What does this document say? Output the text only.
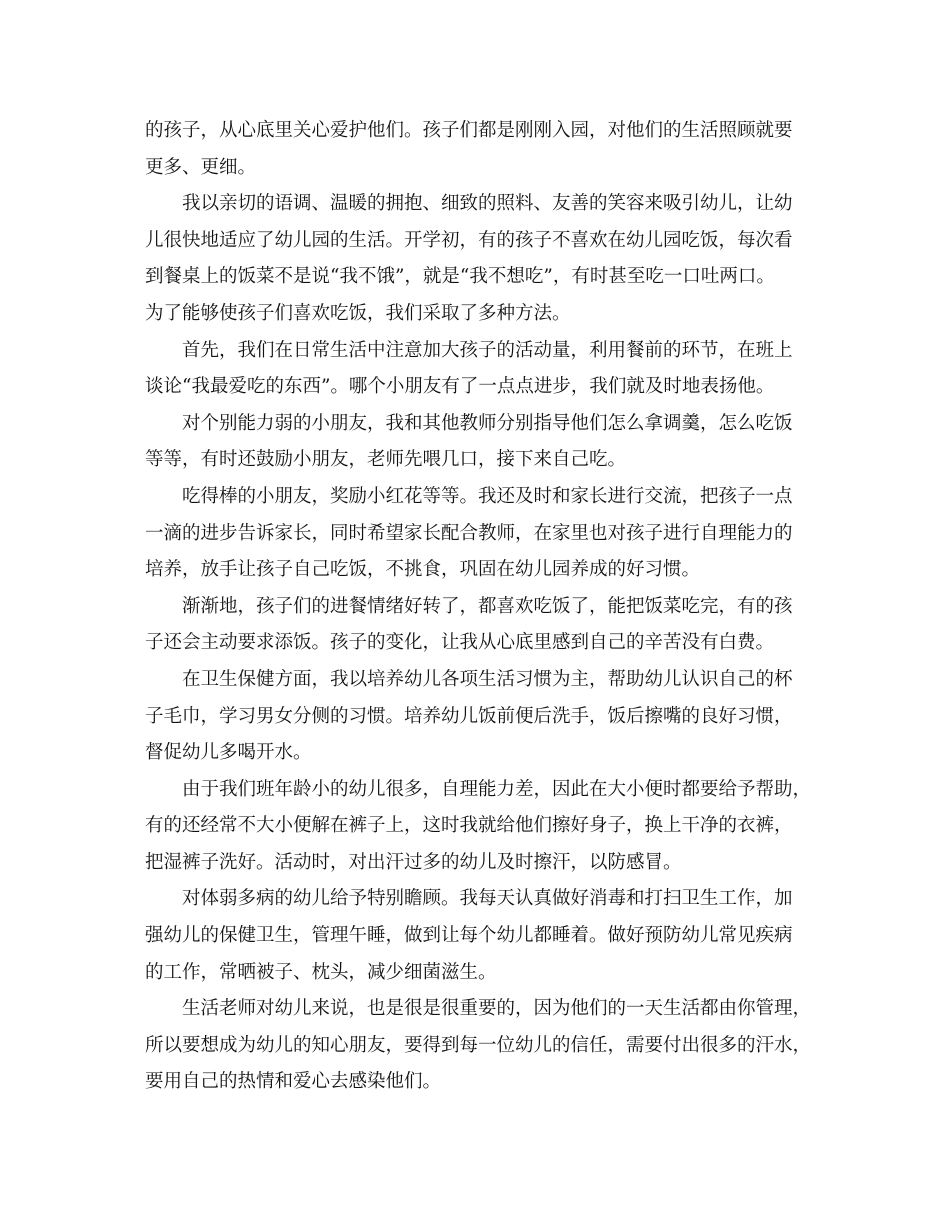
的孩子，从心底里关心爱护他们。孩子们都是刚刚入园，对他们的生活照顾就要
更多、更细。
我以亲切的语调、温暖的拥抱、细致的照料、友善的笑容来吸引幼儿，让幼
儿很快地适应了幼儿园的生活。开学初，有的孩子不喜欢在幼儿园吃饭，每次看
到餐桌上的饭菜不是说“我不饿”，就是“我不想吃”，有时甚至吃一口吐两口。
为了能够使孩子们喜欢吃饭，我们采取了多种方法。
首先，我们在日常生活中注意加大孩子的活动量，利用餐前的环节，在班上
谈论“我最爱吃的东西”。哪个小朋友有了一点点进步，我们就及时地表扬他。
对个别能力弱的小朋友，我和其他教师分别指导他们怎么拿调羹，怎么吃饭
等等，有时还鼓励小朋友，老师先喂几口，接下来自己吃。
吃得棒的小朋友，奖励小红花等等。我还及时和家长进行交流，把孩子一点
一滴的进步告诉家长，同时希望家长配合教师，在家里也对孩子进行自理能力的
培养，放手让孩子自己吃饭，不挑食，巩固在幼儿园养成的好习惯。
渐渐地，孩子们的进餐情绪好转了，都喜欢吃饭了，能把饭菜吃完，有的孩
子还会主动要求添饭。孩子的变化，让我从心底里感到自己的辛苦没有白费。
在卫生保健方面，我以培养幼儿各项生活习惯为主，帮助幼儿认识自己的杯
子毛巾，学习男女分侧的习惯。培养幼儿饭前便后洗手，饭后擦嘴的良好习惯，
督促幼儿多喝开水。
由于我们班年龄小的幼儿很多，自理能力差，因此在大小便时都要给予帮助，
有的还经常不大小便解在裤子上，这时我就给他们擦好身子，换上干净的衣裤，
把湿裤子洗好。活动时，对出汗过多的幼儿及时擦汗，以防感冒。
对体弱多病的幼儿给予特别瞻顾。我每天认真做好消毒和打扫卫生工作，加
强幼儿的保健卫生，管理午睡，做到让每个幼儿都睡着。做好预防幼儿常见疾病
的工作，常晒被子、枕头，减少细菌滋生。
生活老师对幼儿来说，也是很是很重要的，因为他们的一天生活都由你管理，
所以要想成为幼儿的知心朋友，要得到每一位幼儿的信任，需要付出很多的汗水，
要用自己的热情和爱心去感染他们。
